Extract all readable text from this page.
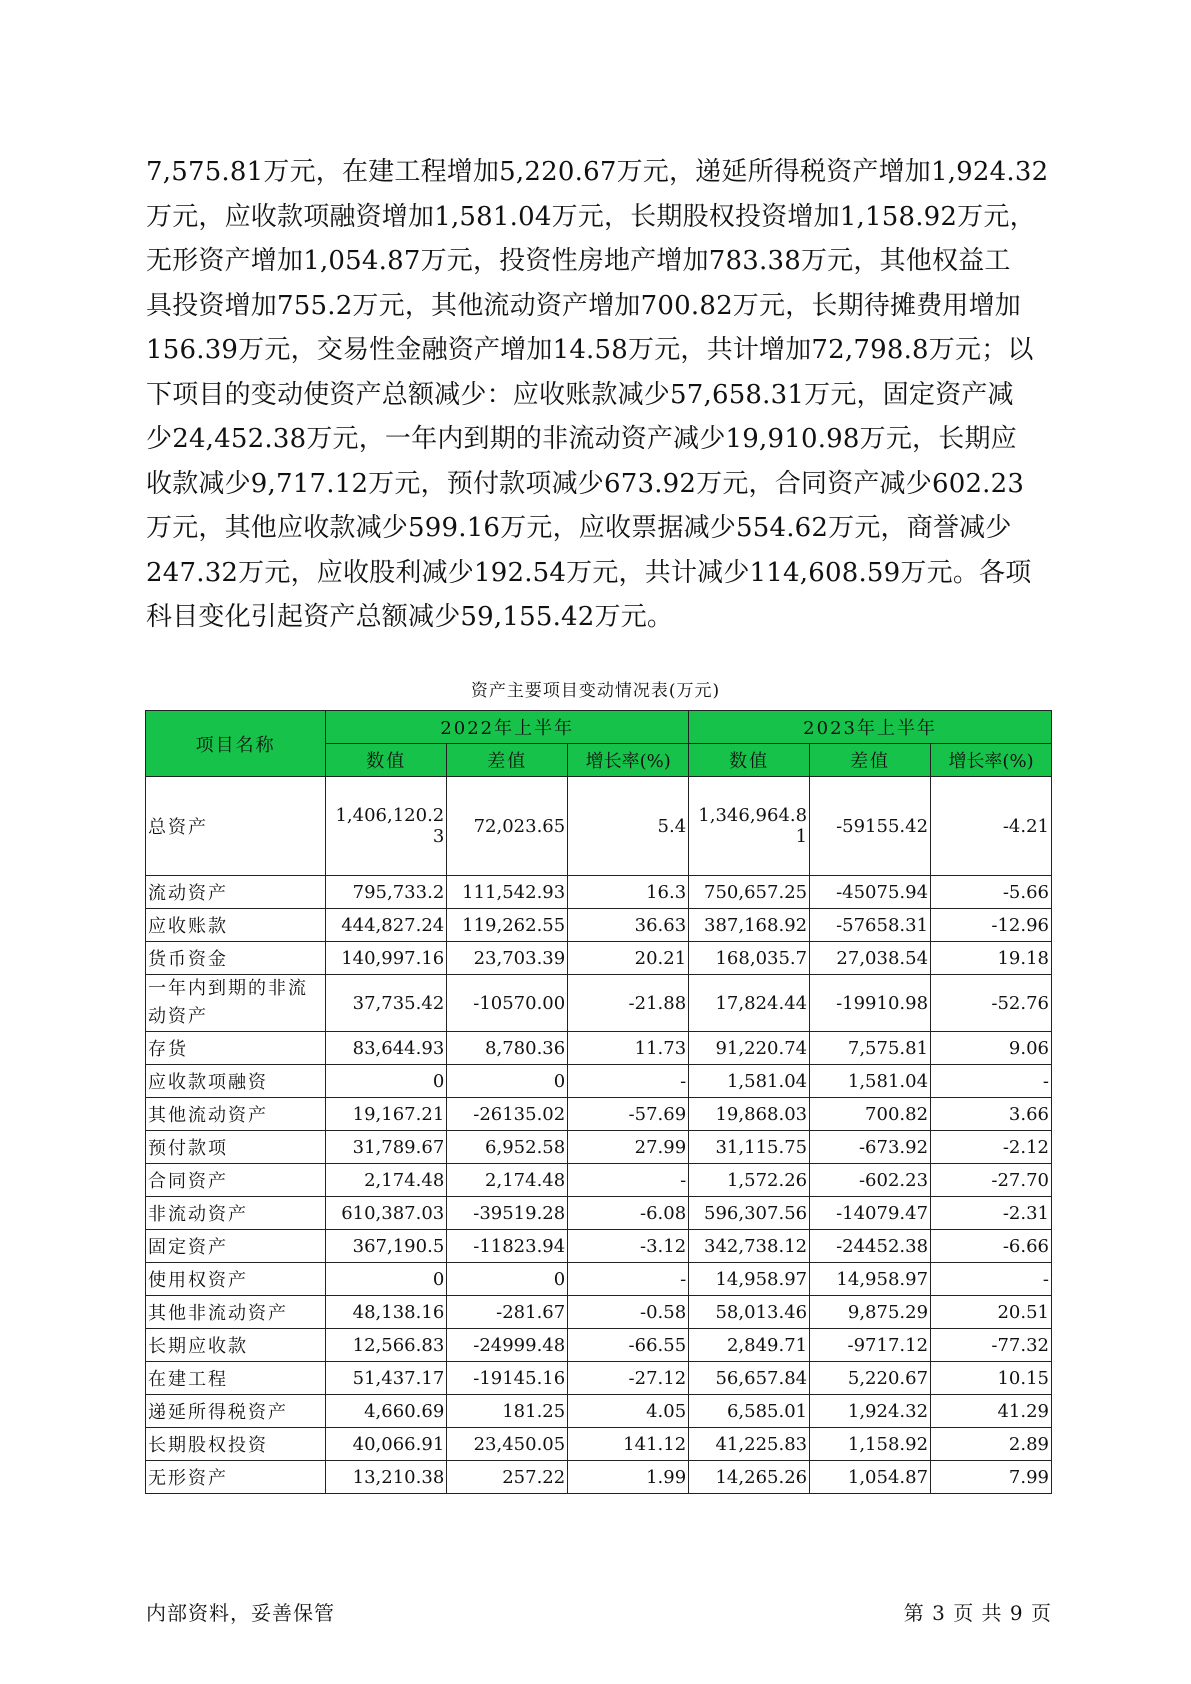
7,575.81万元，在建工程增加5,220.67万元，递延所得税资产增加1,924.32
万元，应收款项融资增加1,581.04万元，长期股权投资增加1,158.92万元，
无形资产增加1,054.87万元，投资性房地产增加783.38万元，其他权益工
具投资增加755.2万元，其他流动资产增加700.82万元，长期待摊费用增加
156.39万元，交易性金融资产增加14.58万元，共计增加72,798.8万元；以
下项目的变动使资产总额减少：应收账款减少57,658.31万元，固定资产减
少24,452.38万元，一年内到期的非流动资产减少19,910.98万元，长期应
收款减少9,717.12万元，预付款项减少673.92万元，合同资产减少602.23
万元，其他应收款减少599.16万元，应收票据减少554.62万元，商誉减少
247.32万元，应收股利减少192.54万元，共计减少114,608.59万元。各项
科目变化引起资产总额减少59,155.42万元。
资产主要项目变动情况表(万元)
项目名称	2022年上半年			2023年上半年		
	数值	差值	增长率(%)	数值	差值	增长率(%)
总资产	1,406,120.23	72,023.65	5.4	1,346,964.81	-59155.42	-4.21
流动资产	795,733.2	111,542.93	16.3	750,657.25	-45075.94	-5.66
应收账款	444,827.24	119,262.55	36.63	387,168.92	-57658.31	-12.96
货币资金	140,997.16	23,703.39	20.21	168,035.7	27,038.54	19.18
一年内到期的非流动资产	37,735.42	-10570.00	-21.88	17,824.44	-19910.98	-52.76
存货	83,644.93	8,780.36	11.73	91,220.74	7,575.81	9.06
应收款项融资	0	0	-	1,581.04	1,581.04	-
其他流动资产	19,167.21	-26135.02	-57.69	19,868.03	700.82	3.66
预付款项	31,789.67	6,952.58	27.99	31,115.75	-673.92	-2.12
合同资产	2,174.48	2,174.48	-	1,572.26	-602.23	-27.70
非流动资产	610,387.03	-39519.28	-6.08	596,307.56	-14079.47	-2.31
固定资产	367,190.5	-11823.94	-3.12	342,738.12	-24452.38	-6.66
使用权资产	0	0	-	14,958.97	14,958.97	-
其他非流动资产	48,138.16	-281.67	-0.58	58,013.46	9,875.29	20.51
长期应收款	12,566.83	-24999.48	-66.55	2,849.71	-9717.12	-77.32
在建工程	51,437.17	-19145.16	-27.12	56,657.84	5,220.67	10.15
递延所得税资产	4,660.69	181.25	4.05	6,585.01	1,924.32	41.29
长期股权投资	40,066.91	23,450.05	141.12	41,225.83	1,158.92	2.89
无形资产	13,210.38	257.22	1.99	14,265.26	1,054.87	7.99
内部资料，妥善保管	第 3 页 共 9 页
